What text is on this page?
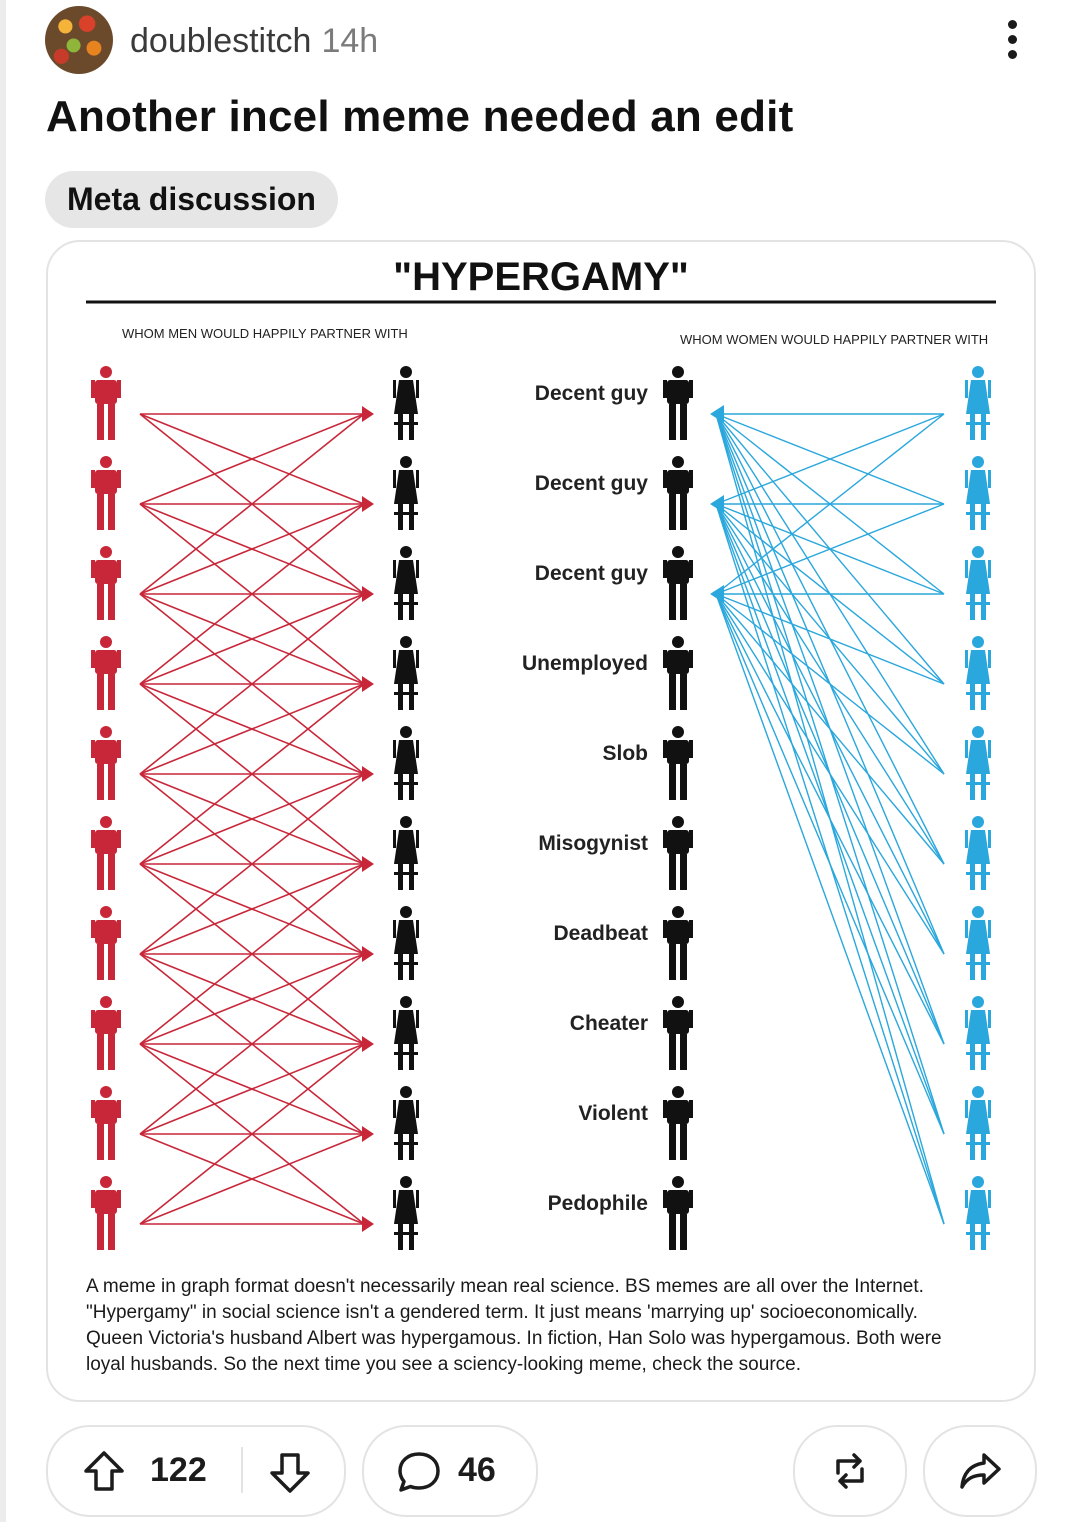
doublestitch 14h
Another incel meme needed an edit
Meta discussion
"HYPERGAMY"
WHOM MEN WOULD HAPPILY PARTNER WITH	WHOM WOMEN WOULD HAPPILY PARTNER WITH
Decent guy
Decent guy
Decent guy
Unemployed
Slob
Misogynist
Deadbeat
Cheater
Violent
Pedophile
A meme in graph format doesn't necessarily mean real science. BS memes are all over the Internet.
"Hypergamy" in social science isn't a gendered term. It just means 'marrying up' socioeconomically.
Queen Victoria's husband Albert was hypergamous. In fiction, Han Solo was hypergamous. Both were
loyal husbands. So the next time you see a sciency-looking meme, check the source.
122	46
